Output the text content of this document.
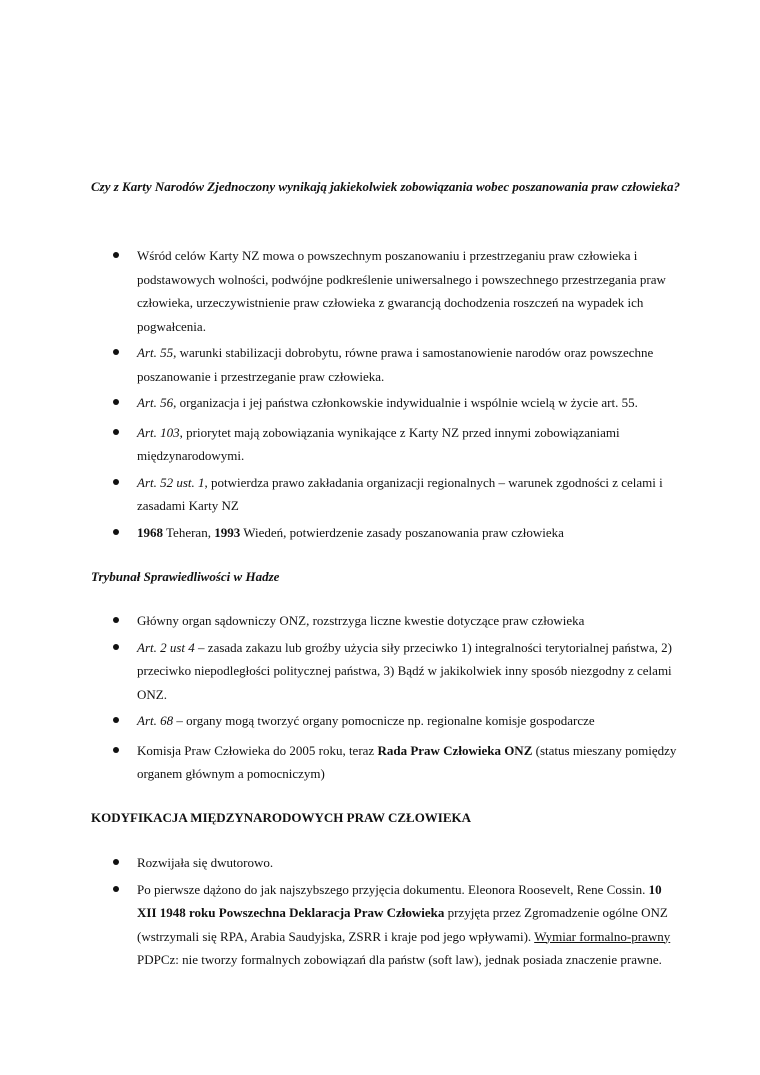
Czy z Karty Narodów Zjednoczony wynikają jakiekolwiek zobowiązania wobec poszanowania praw człowieka?

Wśród celów Karty NZ mowa o powszechnym poszanowaniu i przestrzeganiu praw człowieka i podstawowych wolności, podwójne podkreślenie uniwersalnego i powszechnego przestrzegania praw człowieka, urzeczywistnienie praw człowieka z gwarancją dochodzenia roszczeń na wypadek ich pogwałcenia.

Art. 55, warunki stabilizacji dobrobytu, równe prawa i samostanowienie narodów oraz powszechne poszanowanie i przestrzeganie praw człowieka.

Art. 56, organizacja i jej państwa członkowskie indywidualnie i wspólnie wcielą w życie art. 55.

Art. 103, priorytet mają zobowiązania wynikające z Karty NZ przed innymi zobowiązaniami międzynarodowymi.

Art. 52 ust. 1, potwierdza prawo zakładania organizacji regionalnych – warunek zgodności z celami i zasadami Karty NZ

1968 Teheran, 1993 Wiedeń, potwierdzenie zasady poszanowania praw człowieka

Trybunał Sprawiedliwości w Hadze

Główny organ sądowniczy ONZ, rozstrzyga liczne kwestie dotyczące praw człowieka

Art. 2 ust 4 – zasada zakazu lub groźby użycia siły przeciwko 1) integralności terytorialnej państwa, 2) przeciwko niepodległości politycznej państwa, 3) Bądź w jakikolwiek inny sposób niezgodny z celami ONZ.

Art. 68 – organy mogą tworzyć organy pomocnicze np. regionalne komisje gospodarcze

Komisja Praw Człowieka do 2005 roku, teraz Rada Praw Człowieka ONZ (status mieszany pomiędzy organem głównym a pomocniczym)

KODYFIKACJA MIĘDZYNARODOWYCH PRAW CZŁOWIEKA

Rozwijała się dwutorowo.

Po pierwsze dążono do jak najszybszego przyjęcia dokumentu. Eleonora Roosevelt, Rene Cossin. 10 XII 1948 roku Powszechna Deklaracja Praw Człowieka przyjęta przez Zgromadzenie ogólne ONZ (wstrzymali się RPA, Arabia Saudyjska, ZSRR i kraje pod jego wpływami). Wymiar formalno-prawny PDPCz: nie tworzy formalnych zobowiązań dla państw (soft law), jednak posiada znaczenie prawne.
